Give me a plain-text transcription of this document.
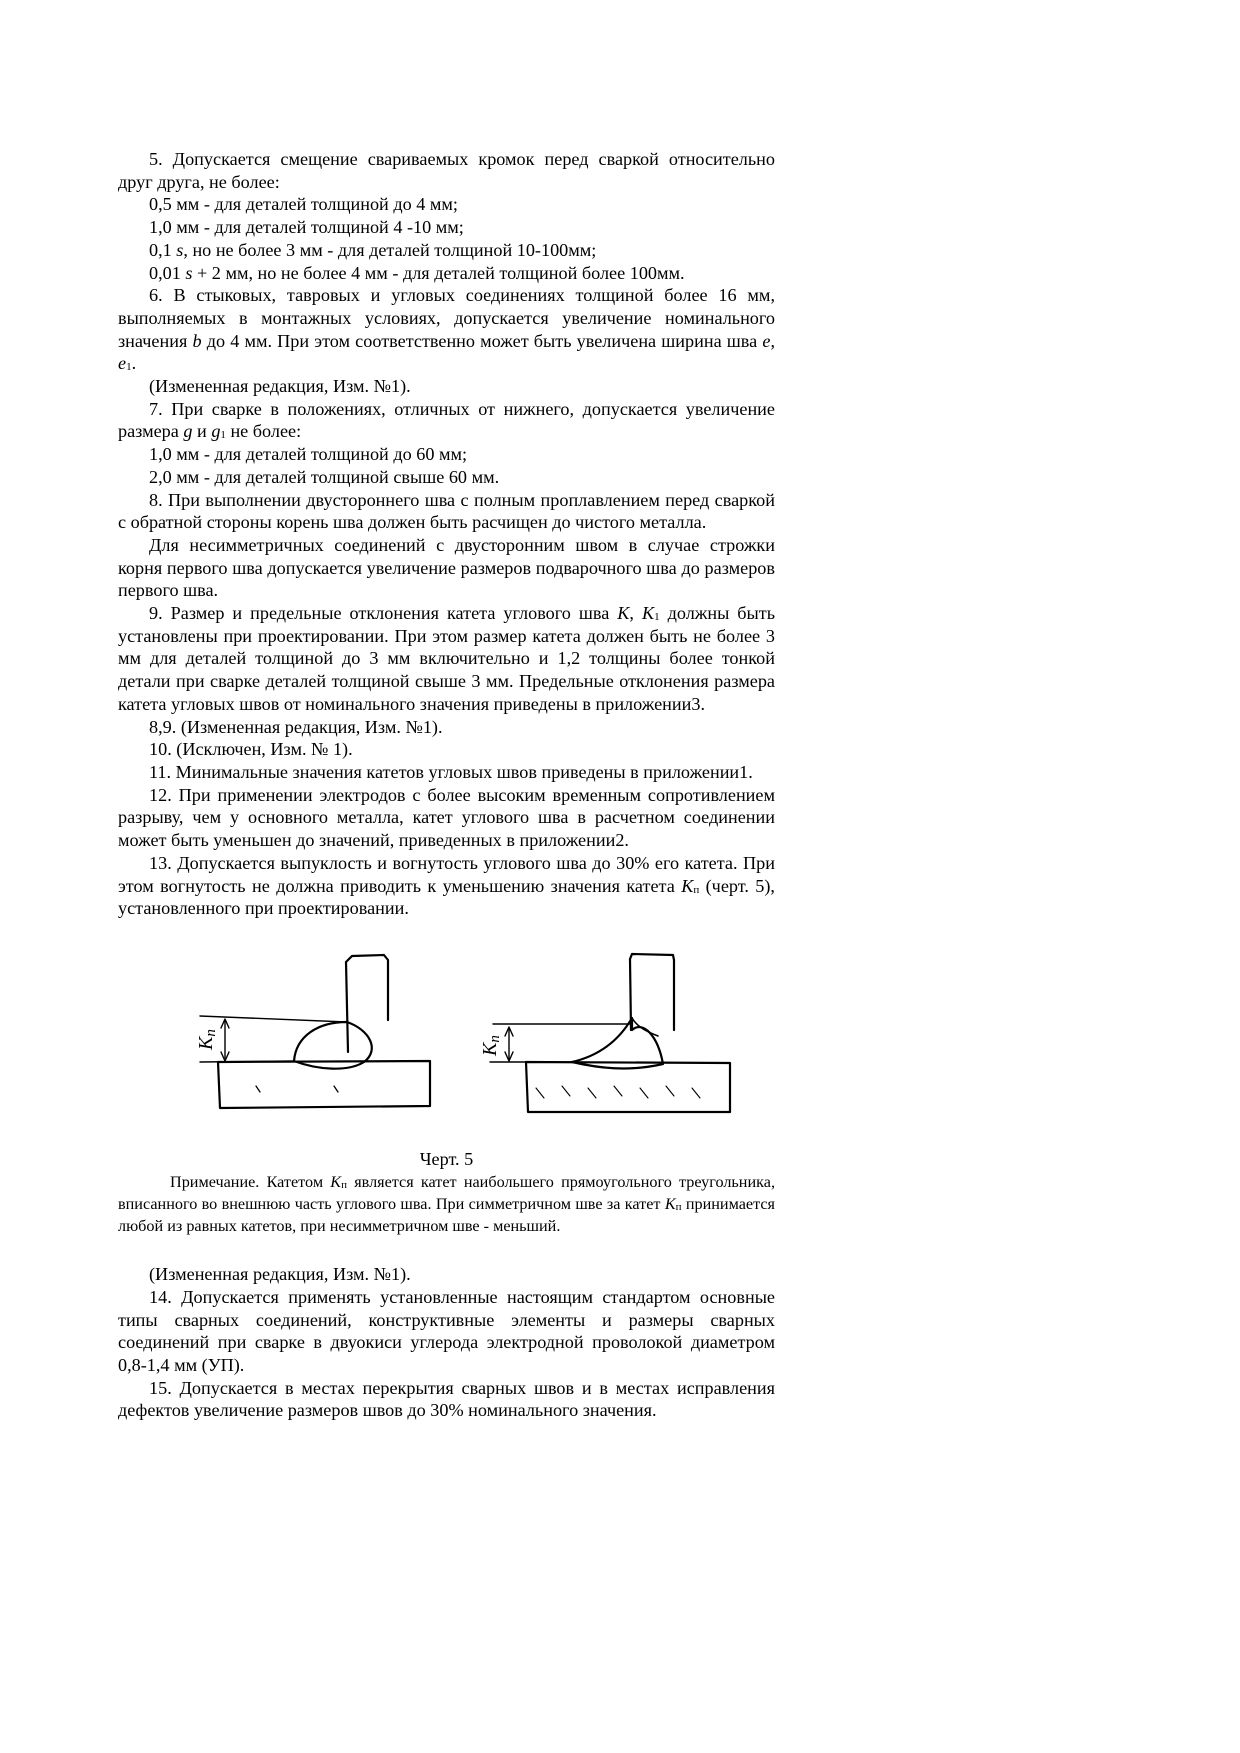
5. Допускается смещение свариваемых кромок перед сваркой относительно друг друга, не более:

0,5 мм - для деталей толщиной до 4 мм;

1,0 мм - для деталей толщиной 4 -10 мм;

0,1 s, но не более 3 мм - для деталей толщиной 10-100мм;

0,01 s + 2 мм, но не более 4 мм - для деталей толщиной более 100мм.

6. В стыковых, тавровых и угловых соединениях толщиной более 16 мм, выполняемых в монтажных условиях, допускается увеличение номинального значения b до 4 мм. При этом соответственно может быть увеличена ширина шва e, e1.

(Измененная редакция, Изм. №1).

7. При сварке в положениях, отличных от нижнего, допускается увеличение размера g и g1 не более:

1,0 мм - для деталей толщиной до 60 мм;

2,0 мм - для деталей толщиной свыше 60 мм.

8. При выполнении двустороннего шва с полным проплавлением перед сваркой с обратной стороны корень шва должен быть расчищен до чистого металла.

Для несимметричных соединений с двусторонним швом в случае строжки корня первого шва допускается увеличение размеров подварочного шва до размеров первого шва.

9. Размер и предельные отклонения катета углового шва K, K1 должны быть установлены при проектировании. При этом размер катета должен быть не более 3 мм для деталей толщиной до 3 мм включительно и 1,2 толщины более тонкой детали при сварке деталей толщиной свыше 3 мм. Предельные отклонения размера катета угловых швов от номинального значения приведены в приложении3.

8,9. (Измененная редакция, Изм. №1).

10. (Исключен, Изм. № 1).

11. Минимальные значения катетов угловых швов приведены в приложении1.

12. При применении электродов с более высоким временным сопротивлением разрыву, чем у основного металла, катет углового шва в расчетном соединении может быть уменьшен до значений, приведенных в приложении2.

13. Допускается выпуклость и вогнутость углового шва до 30% его катета. При этом вогнутость не должна приводить к уменьшению значения катета Kп (черт. 5), установленного при проектировании.

Kп
Kп

Черт. 5

Примечание. Катетом Kп является катет наибольшего прямоугольного треугольника, вписанного во внешнюю часть углового шва. При симметричном шве за катет Kп принимается любой из равных катетов, при несимметричном шве - меньший.

(Измененная редакция, Изм. №1).

14. Допускается применять установленные настоящим стандартом основные типы сварных соединений, конструктивные элементы и размеры сварных соединений при сварке в двуокиси углерода электродной проволокой диаметром 0,8-1,4 мм (УП).

15. Допускается в местах перекрытия сварных швов и в местах исправления дефектов увеличение размеров швов до 30% номинального значения.
